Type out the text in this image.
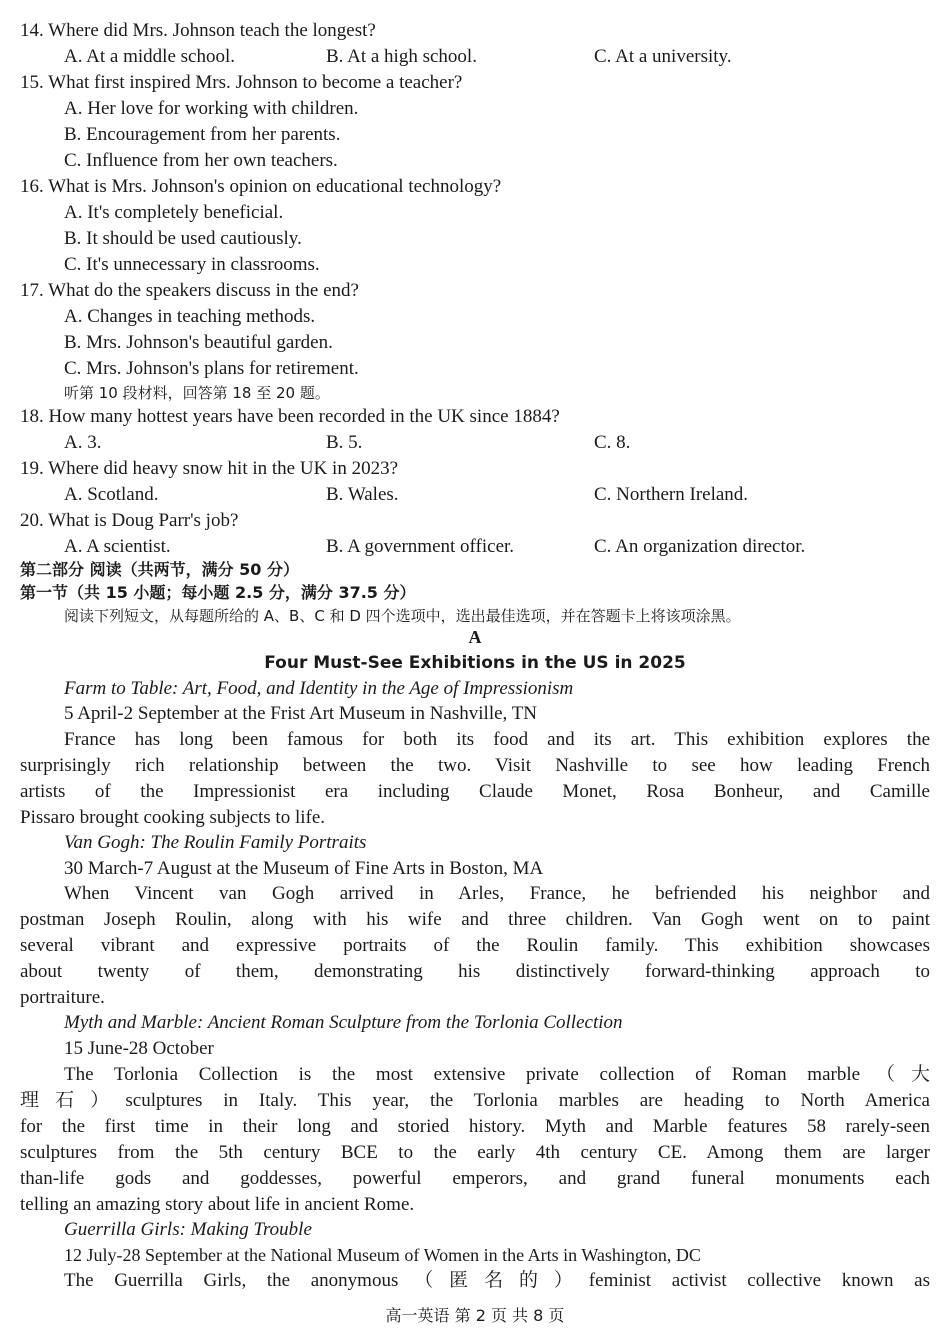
14. Where did Mrs. Johnson teach the longest?
A. At a middle school.	B. At a high school.	C. At a university.
15. What first inspired Mrs. Johnson to become a teacher?
A. Her love for working with children.
B. Encouragement from her parents.
C. Influence from her own teachers.
16. What is Mrs. Johnson's opinion on educational technology?
A. It's completely beneficial.
B. It should be used cautiously.
C. It's unnecessary in classrooms.
17. What do the speakers discuss in the end?
A. Changes in teaching methods.
B. Mrs. Johnson's beautiful garden.
C. Mrs. Johnson's plans for retirement.
听第 10 段材料，回答第 18 至 20 题。
18. How many hottest years have been recorded in the UK since 1884?
A. 3.	B. 5.	C. 8.
19. Where did heavy snow hit in the UK in 2023?
A. Scotland.	B. Wales.	C. Northern Ireland.
20. What is Doug Parr's job?
A. A scientist.	B. A government officer.	C. An organization director.
第二部分 阅读（共两节，满分 50 分）
第一节（共 15 小题；每小题 2.5 分，满分 37.5 分）
阅读下列短文，从每题所给的 A、B、C 和 D 四个选项中，选出最佳选项，并在答题卡上将该项涂黑。
A
Four Must-See Exhibitions in the US in 2025
Farm to Table: Art, Food, and Identity in the Age of Impressionism
5 April-2 September at the Frist Art Museum in Nashville, TN
France has long been famous for both its food and its art. This exhibition explores the
surprisingly rich relationship between the two. Visit Nashville to see how leading French
artists of the Impressionist era including Claude Monet, Rosa Bonheur, and Camille
Pissaro brought cooking subjects to life.
Van Gogh: The Roulin Family Portraits
30 March-7 August at the Museum of Fine Arts in Boston, MA
When Vincent van Gogh arrived in Arles, France, he befriended his neighbor and
postman Joseph Roulin, along with his wife and three children. Van Gogh went on to paint
several vibrant and expressive portraits of the Roulin family. This exhibition showcases
about twenty of them, demonstrating his distinctively forward-thinking approach to
portraiture.
Myth and Marble: Ancient Roman Sculpture from the Torlonia Collection
15 June-28 October
The Torlonia Collection is the most extensive private collection of Roman marble（大
理石）sculptures in Italy. This year, the Torlonia marbles are heading to North America
for the first time in their long and storied history. Myth and Marble features 58 rarely-seen
sculptures from the 5th century BCE to the early 4th century CE. Among them are larger
than-life gods and goddesses, powerful emperors, and grand funeral monuments each
telling an amazing story about life in ancient Rome.
Guerrilla Girls: Making Trouble
12 July-28 September at the National Museum of Women in the Arts in Washington, DC
The Guerrilla Girls, the anonymous（匿名的）feminist activist collective known as
高一英语 第 2 页 共 8 页
